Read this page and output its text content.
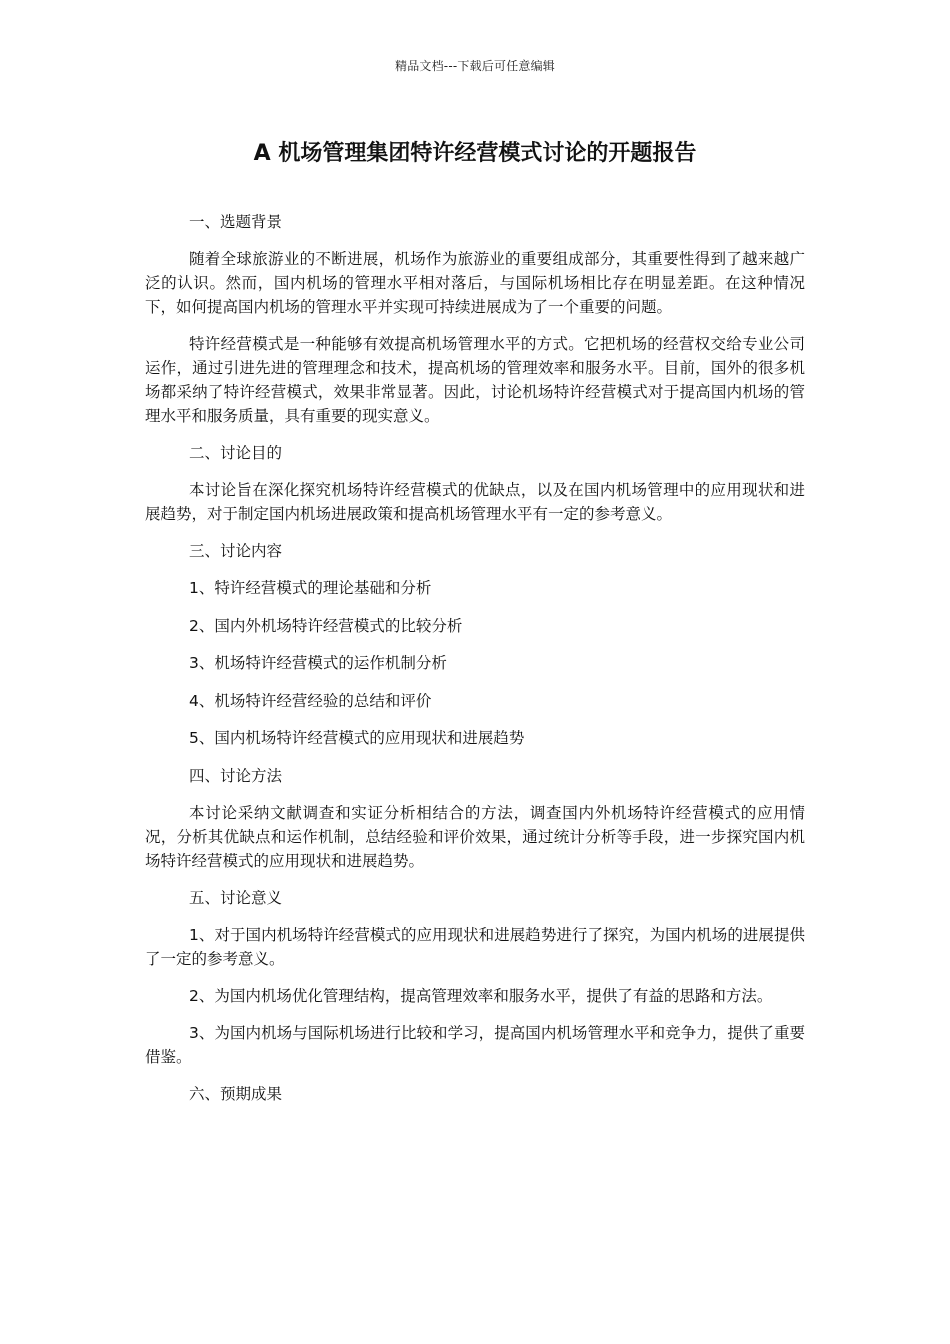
精品文档---下载后可任意编辑
A 机场管理集团特许经营模式讨论的开题报告

一、选题背景

随着全球旅游业的不断进展，机场作为旅游业的重要组成部分，其重要性得到了越来越广泛的认识。然而，国内机场的管理水平相对落后，与国际机场相比存在明显差距。在这种情况下，如何提高国内机场的管理水平并实现可持续进展成为了一个重要的问题。

特许经营模式是一种能够有效提高机场管理水平的方式。它把机场的经营权交给专业公司运作，通过引进先进的管理理念和技术，提高机场的管理效率和服务水平。目前，国外的很多机场都采纳了特许经营模式，效果非常显著。因此，讨论机场特许经营模式对于提高国内机场的管理水平和服务质量，具有重要的现实意义。

二、讨论目的

本讨论旨在深化探究机场特许经营模式的优缺点，以及在国内机场管理中的应用现状和进展趋势，对于制定国内机场进展政策和提高机场管理水平有一定的参考意义。

三、讨论内容

1、特许经营模式的理论基础和分析

2、国内外机场特许经营模式的比较分析

3、机场特许经营模式的运作机制分析

4、机场特许经营经验的总结和评价

5、国内机场特许经营模式的应用现状和进展趋势

四、讨论方法

本讨论采纳文献调查和实证分析相结合的方法，调查国内外机场特许经营模式的应用情况，分析其优缺点和运作机制，总结经验和评价效果，通过统计分析等手段，进一步探究国内机场特许经营模式的应用现状和进展趋势。

五、讨论意义

1、对于国内机场特许经营模式的应用现状和进展趋势进行了探究，为国内机场的进展提供了一定的参考意义。

2、为国内机场优化管理结构，提高管理效率和服务水平，提供了有益的思路和方法。

3、为国内机场与国际机场进行比较和学习，提高国内机场管理水平和竞争力，提供了重要借鉴。

六、预期成果
